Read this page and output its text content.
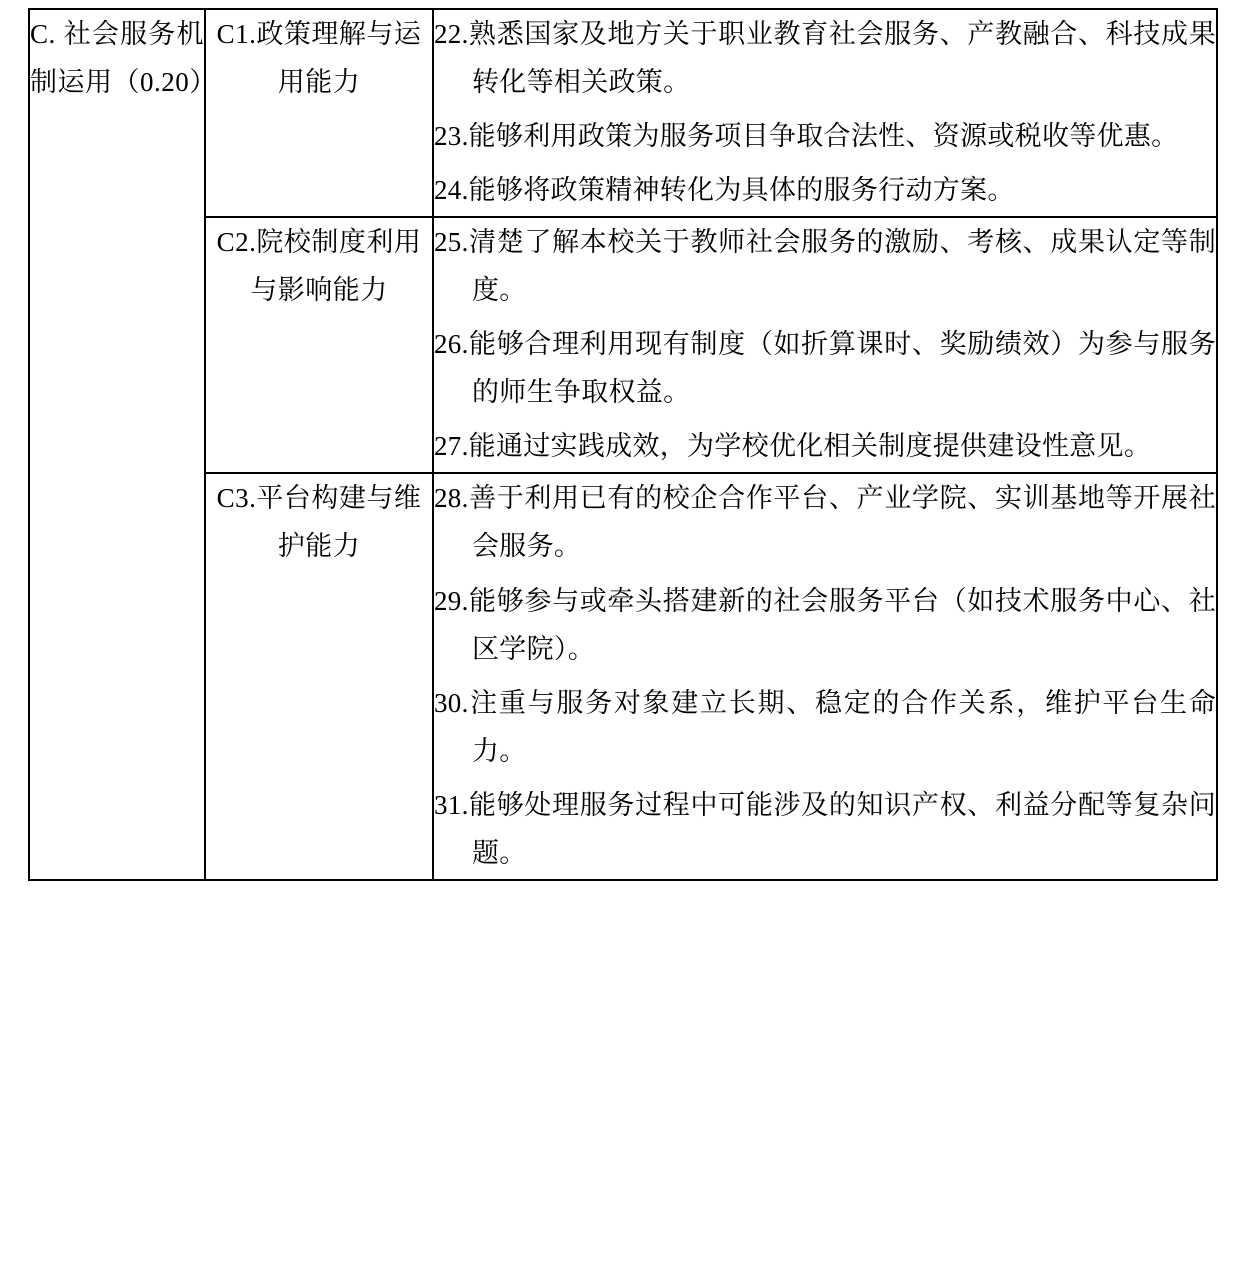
C. 社会服务机制运用（0.20）	C1.政策理解与运用能力	22.熟悉国家及地方关于职业教育社会服务、产教融合、科技成果转化等相关政策。

23.能够利用政策为服务项目争取合法性、资源或税收等优惠。

24.能够将政策精神转化为具体的服务行动方案。

	C2.院校制度利用与影响能力	25.清楚了解本校关于教师社会服务的激励、考核、成果认定等制度。

26.能够合理利用现有制度（如折算课时、奖励绩效）为参与服务的师生争取权益。

27.能通过实践成效，为学校优化相关制度提供建设性意见。

	C3.平台构建与维护能力	28.善于利用已有的校企合作平台、产业学院、实训基地等开展社会服务。

29.能够参与或牵头搭建新的社会服务平台（如技术服务中心、社区学院）。

30.注重与服务对象建立长期、稳定的合作关系，维护平台生命力。

31.能够处理服务过程中可能涉及的知识产权、利益分配等复杂问题。
